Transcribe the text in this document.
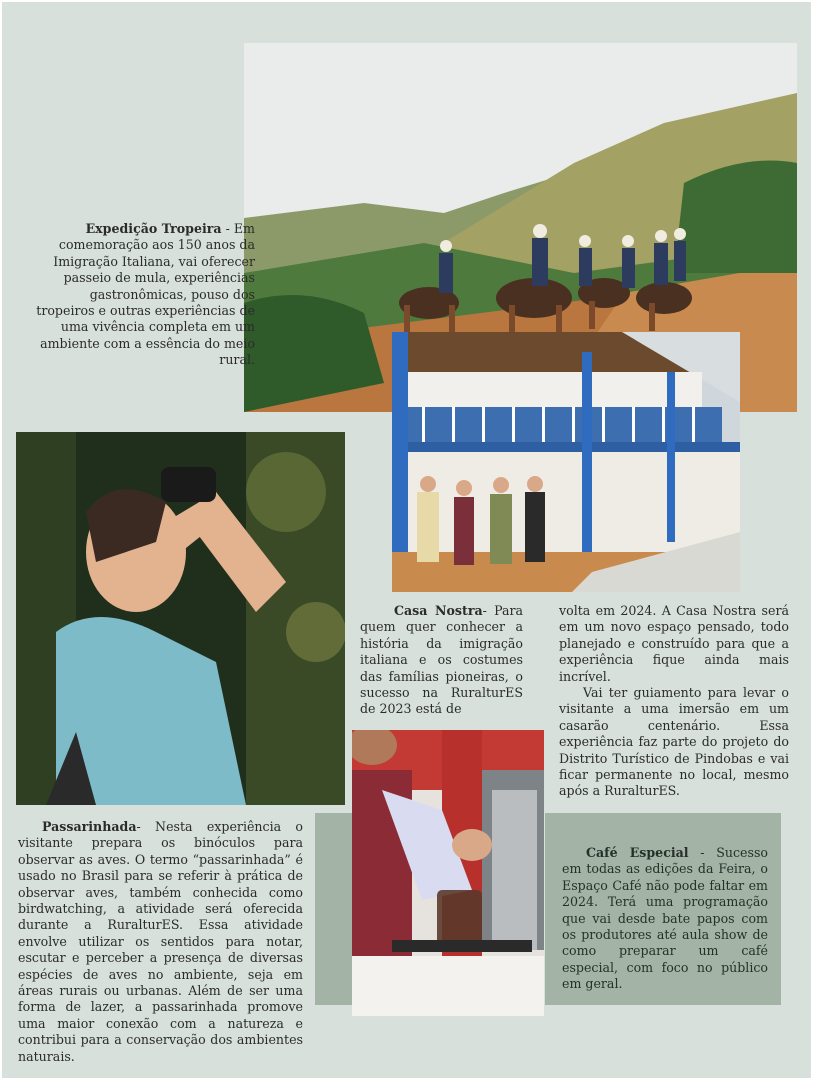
Expedição Tropeira - Em comemoração aos 150 anos da Imigração Italiana, vai oferecer passeio de mula, experiências gastronômicas, pouso dos tropeiros e outras experiências de uma vivência completa em um ambiente com a essência do meio rural.
Casa Nostra- Para quem quer conhecer a história da imigração italiana e os costumes das famílias pioneiras, o sucesso na RuralturES de 2023 está de
volta em 2024. A Casa Nostra será em um novo espaço pensado, todo planejado e construído para que a experiência fique ainda mais incrível.
Vai ter guiamento para levar o visitante a uma imersão em um casarão centenário. Essa experiência faz parte do projeto do Distrito Turístico de Pindobas e vai ficar permanente no local, mesmo após a RuralturES.
Passarinhada- Nesta experiência o visitante prepara os binóculos para observar as aves. O termo “passarinhada” é usado no Brasil para se referir à prática de observar aves, também conhecida como birdwatching, a atividade será oferecida durante a RuralturES. Essa atividade envolve utilizar os sentidos para notar, escutar e perceber a presença de diversas espécies de aves no ambiente, seja em áreas rurais ou urbanas. Além de ser uma forma de lazer, a passarinhada promove uma maior conexão com a natureza e contribui para a conservação dos ambientes naturais.
Café Especial - Sucesso em todas as edições da Feira, o Espaço Café não pode faltar em 2024. Terá uma programação que vai desde bate papos com os produtores até aula show de como preparar um café especial, com foco no público em geral.
